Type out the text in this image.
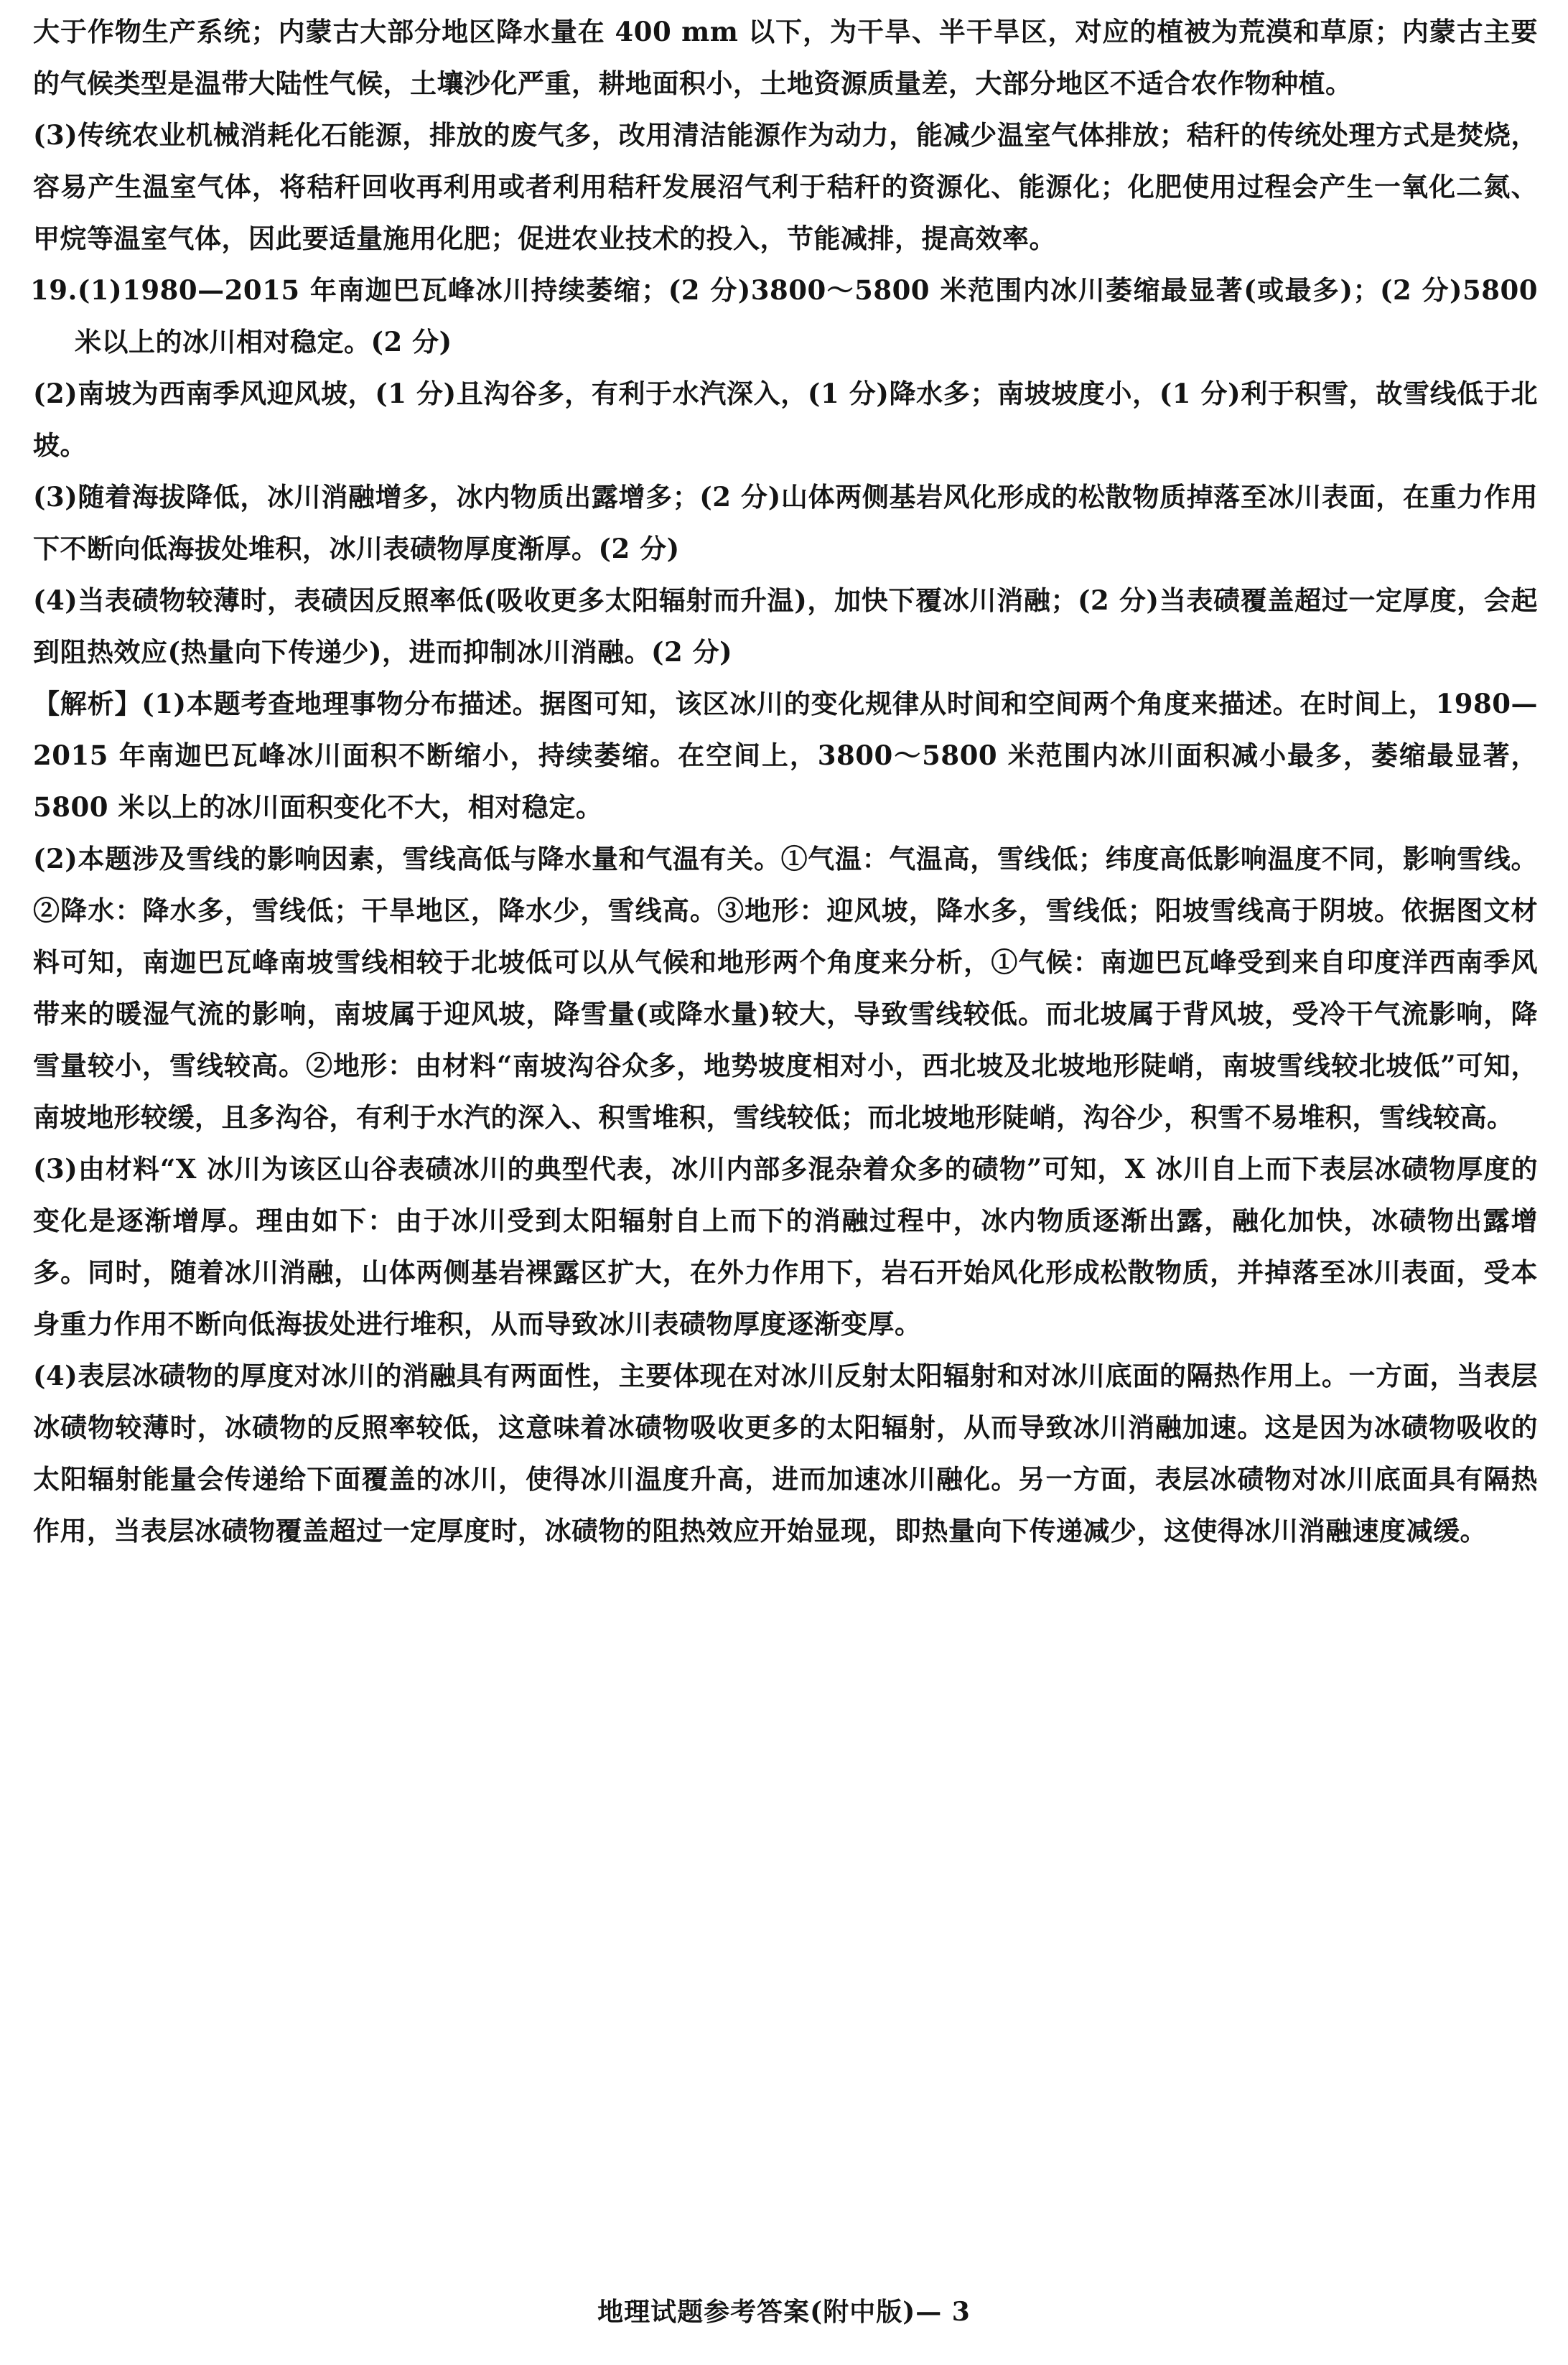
大于作物生产系统；内蒙古大部分地区降水量在 400 mm 以下，为干旱、半干旱区，对应的植被为荒漠和草原；内蒙古主要的气候类型是温带大陆性气候，土壤沙化严重，耕地面积小，土地资源质量差，大部分地区不适合农作物种植。

(3)传统农业机械消耗化石能源，排放的废气多，改用清洁能源作为动力，能减少温室气体排放；秸秆的传统处理方式是焚烧，容易产生温室气体，将秸秆回收再利用或者利用秸秆发展沼气利于秸秆的资源化、能源化；化肥使用过程会产生一氧化二氮、甲烷等温室气体，因此要适量施用化肥；促进农业技术的投入，节能减排，提高效率。

19.(1)1980—2015 年南迦巴瓦峰冰川持续萎缩；(2 分)3800～5800 米范围内冰川萎缩最显著(或最多)；(2 分)5800 米以上的冰川相对稳定。(2 分)

(2)南坡为西南季风迎风坡，(1 分)且沟谷多，有利于水汽深入，(1 分)降水多；南坡坡度小，(1 分)利于积雪，故雪线低于北坡。

(3)随着海拔降低，冰川消融增多，冰内物质出露增多；(2 分)山体两侧基岩风化形成的松散物质掉落至冰川表面，在重力作用下不断向低海拔处堆积，冰川表碛物厚度渐厚。(2 分)

(4)当表碛物较薄时，表碛因反照率低(吸收更多太阳辐射而升温)，加快下覆冰川消融；(2 分)当表碛覆盖超过一定厚度，会起到阻热效应(热量向下传递少)，进而抑制冰川消融。(2 分)

【解析】(1)本题考查地理事物分布描述。据图可知，该区冰川的变化规律从时间和空间两个角度来描述。在时间上，1980—2015 年南迦巴瓦峰冰川面积不断缩小，持续萎缩。在空间上，3800～5800 米范围内冰川面积减小最多，萎缩最显著，5800 米以上的冰川面积变化不大，相对稳定。

(2)本题涉及雪线的影响因素，雪线高低与降水量和气温有关。①气温：气温高，雪线低；纬度高低影响温度不同，影响雪线。②降水：降水多，雪线低；干旱地区，降水少，雪线高。③地形：迎风坡，降水多，雪线低；阳坡雪线高于阴坡。依据图文材料可知，南迦巴瓦峰南坡雪线相较于北坡低可以从气候和地形两个角度来分析，①气候：南迦巴瓦峰受到来自印度洋西南季风带来的暖湿气流的影响，南坡属于迎风坡，降雪量(或降水量)较大，导致雪线较低。而北坡属于背风坡，受冷干气流影响，降雪量较小，雪线较高。②地形：由材料“南坡沟谷众多，地势坡度相对小，西北坡及北坡地形陡峭，南坡雪线较北坡低”可知，南坡地形较缓，且多沟谷，有利于水汽的深入、积雪堆积，雪线较低；而北坡地形陡峭，沟谷少，积雪不易堆积，雪线较高。

(3)由材料“X 冰川为该区山谷表碛冰川的典型代表，冰川内部多混杂着众多的碛物”可知，X 冰川自上而下表层冰碛物厚度的变化是逐渐增厚。理由如下：由于冰川受到太阳辐射自上而下的消融过程中，冰内物质逐渐出露，融化加快，冰碛物出露增多。同时，随着冰川消融，山体两侧基岩裸露区扩大，在外力作用下，岩石开始风化形成松散物质，并掉落至冰川表面，受本身重力作用不断向低海拔处进行堆积，从而导致冰川表碛物厚度逐渐变厚。

(4)表层冰碛物的厚度对冰川的消融具有两面性，主要体现在对冰川反射太阳辐射和对冰川底面的隔热作用上。一方面，当表层冰碛物较薄时，冰碛物的反照率较低，这意味着冰碛物吸收更多的太阳辐射，从而导致冰川消融加速。这是因为冰碛物吸收的太阳辐射能量会传递给下面覆盖的冰川，使得冰川温度升高，进而加速冰川融化。另一方面，表层冰碛物对冰川底面具有隔热作用，当表层冰碛物覆盖超过一定厚度时，冰碛物的阻热效应开始显现，即热量向下传递减少，这使得冰川消融速度减缓。

地理试题参考答案(附中版)— 3
